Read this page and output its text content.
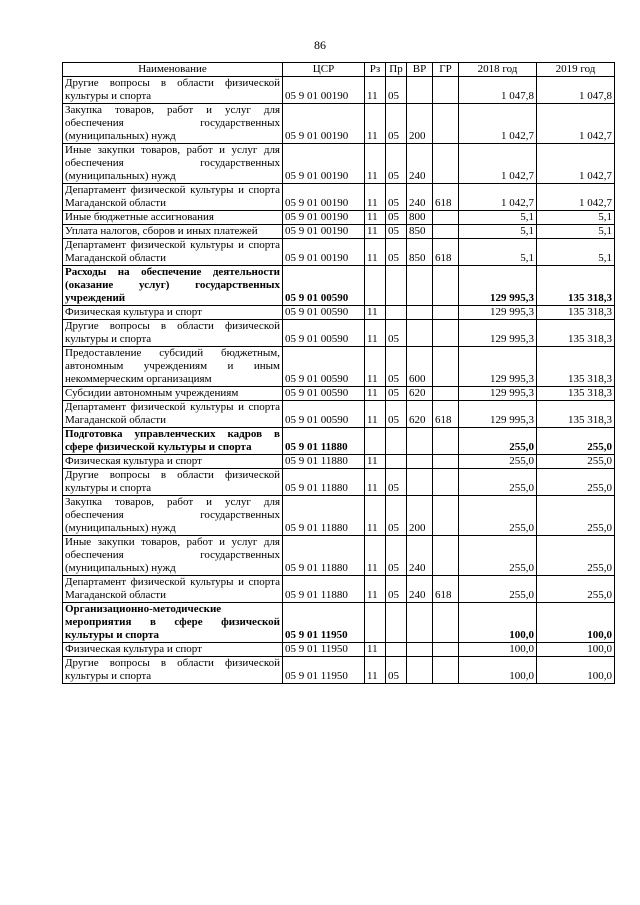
86
Наименование	ЦСР	Рз	Пр	ВР	ГР	2018 год	2019 год
Другие вопросы в области физической культуры и спорта	05 9 01 00190	11	05			1 047,8	1 047,8
Закупка товаров, работ и услуг для обеспечения государственных (муниципальных) нужд	05 9 01 00190	11	05	200		1 042,7	1 042,7
Иные закупки товаров, работ и услуг для обеспечения государственных (муниципальных) нужд	05 9 01 00190	11	05	240		1 042,7	1 042,7
Департамент физической культуры и спорта Магаданской области	05 9 01 00190	11	05	240	618	1 042,7	1 042,7
Иные бюджетные ассигнования	05 9 01 00190	11	05	800		5,1	5,1
Уплата налогов, сборов и иных платежей	05 9 01 00190	11	05	850		5,1	5,1
Департамент физической культуры и спорта Магаданской области	05 9 01 00190	11	05	850	618	5,1	5,1
Расходы на обеспечение деятельности (оказание услуг) государственных учреждений	05 9 01 00590					129 995,3	135 318,3
Физическая культура и спорт	05 9 01 00590	11				129 995,3	135 318,3
Другие вопросы в области физической культуры и спорта	05 9 01 00590	11	05			129 995,3	135 318,3
Предоставление субсидий бюджетным, автономным учреждениям и иным некоммерческим организациям	05 9 01 00590	11	05	600		129 995,3	135 318,3
Субсидии автономным учреждениям	05 9 01 00590	11	05	620		129 995,3	135 318,3
Департамент физической культуры и спорта Магаданской области	05 9 01 00590	11	05	620	618	129 995,3	135 318,3
Подготовка управленческих кадров в сфере физической культуры и спорта	05 9 01 11880					255,0	255,0
Физическая культура и спорт	05 9 01 11880	11				255,0	255,0
Другие вопросы в области физической культуры и спорта	05 9 01 11880	11	05			255,0	255,0
Закупка товаров, работ и услуг для обеспечения государственных (муниципальных) нужд	05 9 01 11880	11	05	200		255,0	255,0
Иные закупки товаров, работ и услуг для обеспечения государственных (муниципальных) нужд	05 9 01 11880	11	05	240		255,0	255,0
Департамент физической культуры и спорта Магаданской области	05 9 01 11880	11	05	240	618	255,0	255,0
Организационно-методические мероприятия в сфере физической культуры и спорта	05 9 01 11950					100,0	100,0
Физическая культура и спорт	05 9 01 11950	11				100,0	100,0
Другие вопросы в области физической культуры и спорта	05 9 01 11950	11	05			100,0	100,0
